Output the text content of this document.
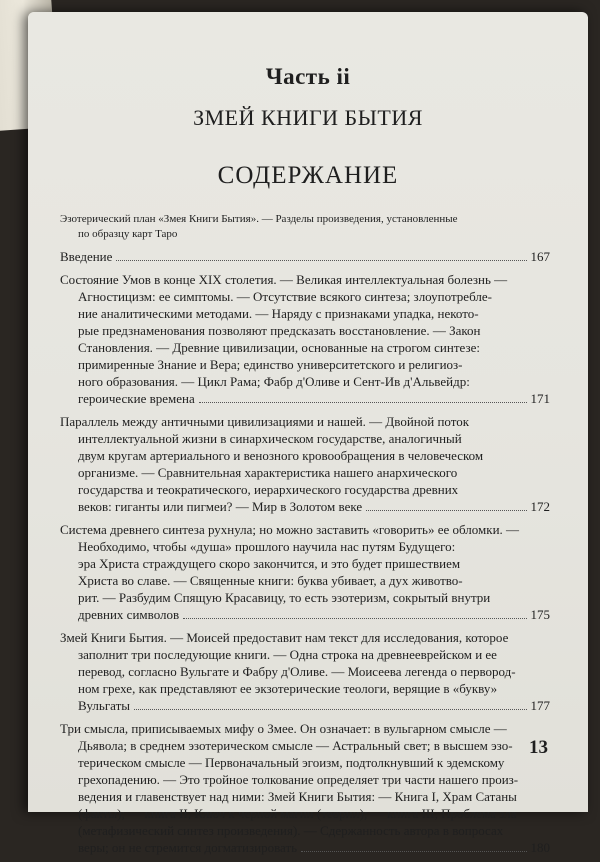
Часть ii
ЗМЕЙ КНИГИ БЫТИЯ
СОДЕРЖАНИЕ
Эзотерический план «Змея Книги Бытия». — Разделы произведения, установленные
по образцу карт Таро
Введение	167
Состояние Умов в конце XIX столетия. — Великая интеллектуальная болезнь —
Агностицизм: ее симптомы. — Отсутствие всякого синтеза; злоупотребле-
ние аналитическими методами. — Наряду с признаками упадка, некото-
рые предзнаменования позволяют предсказать восстановление. — Закон
Становления. — Древние цивилизации, основанные на строгом синтезе:
примиренные Знание и Вера; единство университетского и религиоз-
ного образования. — Цикл Рама; Фабр д'Оливе и Сент-Ив д'Альвейдр:
героические времена	171
Параллель между античными цивилизациями и нашей. — Двойной поток
интеллектуальной жизни в синархическом государстве, аналогичный
двум кругам артериального и венозного кровообращения в человеческом
организме. — Сравнительная характеристика нашего анархического
государства и теократического, иерархического государства древних
веков: гиганты или пигмеи? — Мир в Золотом веке	172
Система древнего синтеза рухнула; но можно заставить «говорить» ее обломки. —
Необходимо, чтобы «душа» прошлого научила нас путям Будущего:
эра Христа страждущего скоро закончится, и это будет пришествием
Христа во славе. — Священные книги: буква убивает, а дух животво-
рит. — Разбудим Спящую Красавицу, то есть эзотеризм, сокрытый внутри
древних символов	175
Змей Книги Бытия. — Моисей предоставит нам текст для исследования, которое
заполнит три последующие книги. — Одна строка на древнееврейском и ее
перевод, согласно Вульгате и Фабру д'Оливе. — Моисеева легенда о первород-
ном грехе, как представляют ее экзотерические теологи, верящие в «букву»
Вульгаты	177
Три смысла, приписываемых мифу о Змее. Он означает: в вульгарном смысле —
Дьявола; в среднем эзотерическом смысле — Астральный свет; в высшем эзо-
терическом смысле — Первоначальный эгоизм, подтолкнувший к эдемскому
грехопадению. — Это тройное толкование определяет три части нашего произ-
ведения и главенствует над ними: Змей Книги Бытия: — Книга I, Храм Сатаны
(факты); — книга II, Ключ к черной магии (теории); — книга III, Проблема зла
(метафизический синтез произведения). — Сдержанность автора в вопросах
веры; он не стремится догматизировать	180
13
